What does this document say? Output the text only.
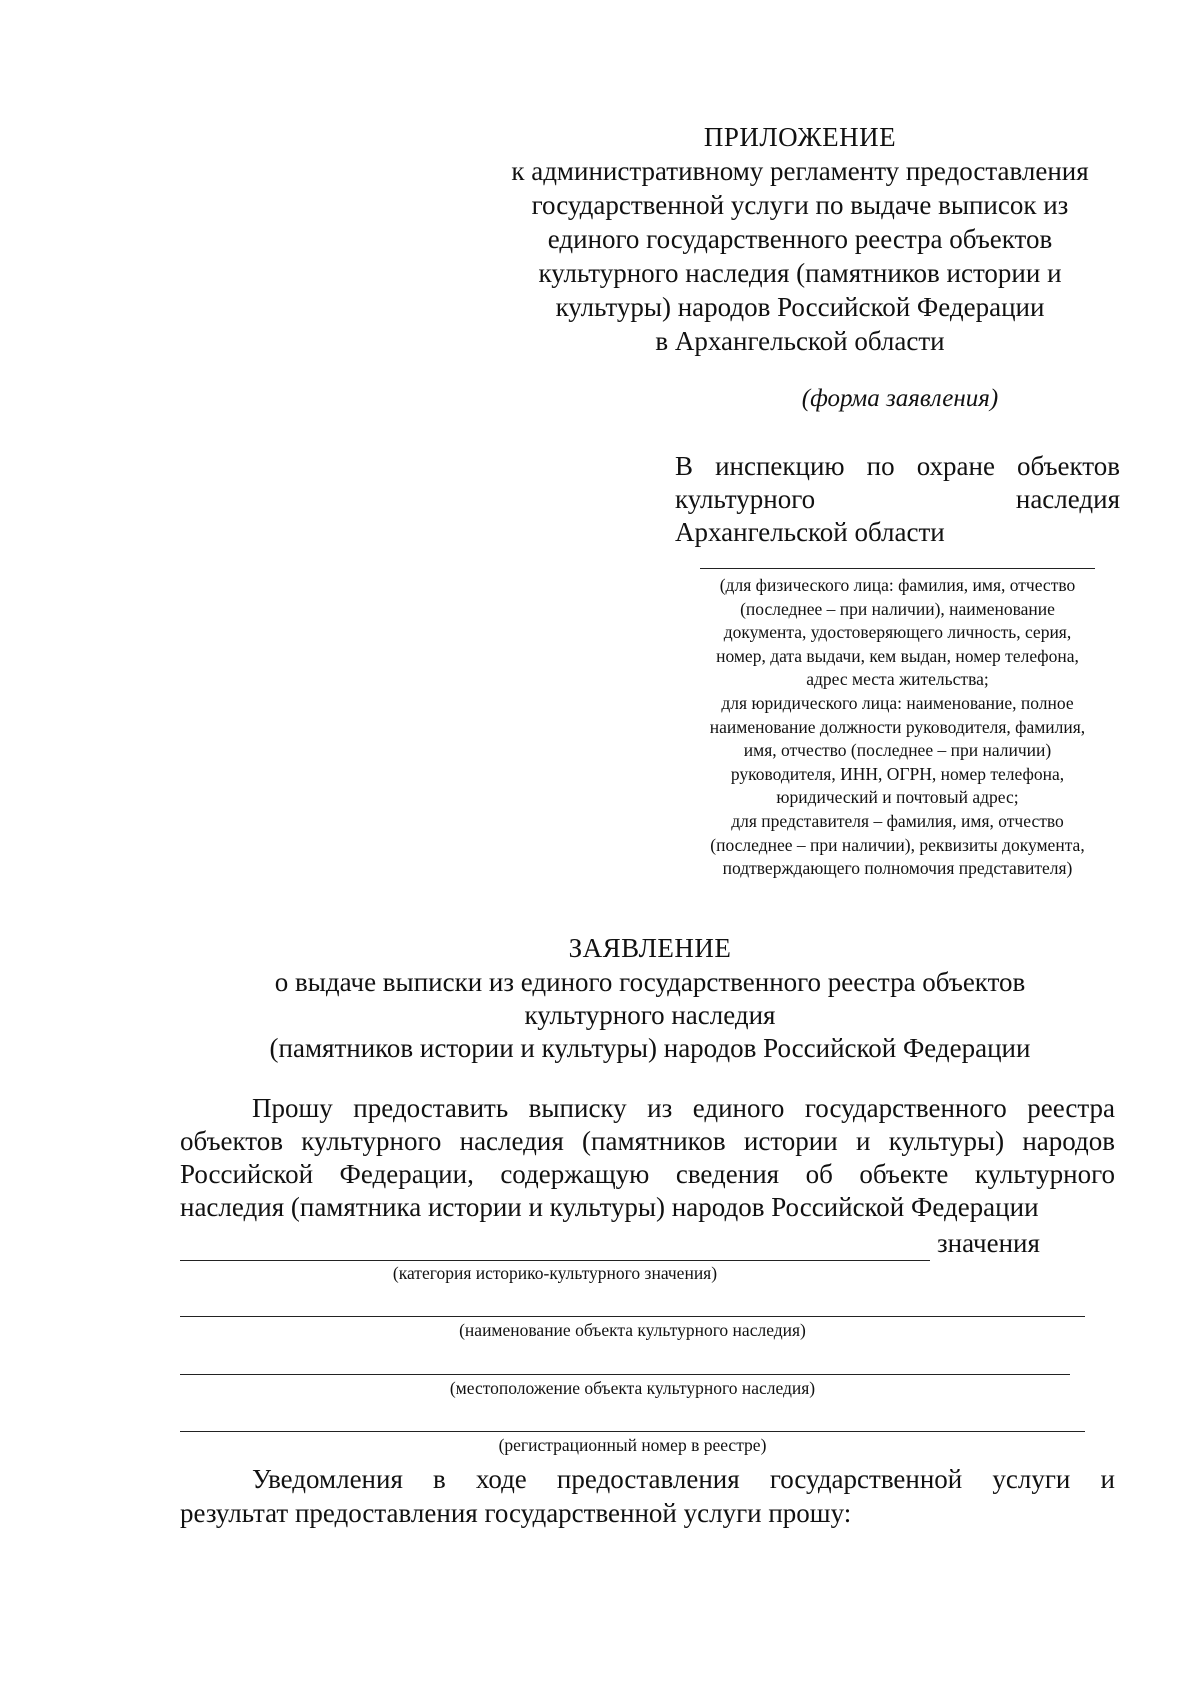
ПРИЛОЖЕНИЕ
к административному регламенту предоставления
государственной услуги по выдаче выписок из
единого государственного реестра объектов
культурного наследия (памятников истории и
культуры) народов Российской Федерации
в Архангельской области
(форма заявления)
В инспекцию по охране объектов
культурного	наследия
Архангельской области
(для физического лица: фамилия, имя, отчество
(последнее – при наличии), наименование
документа, удостоверяющего личность, серия,
номер, дата выдачи, кем выдан, номер телефона,
адрес места жительства;
для юридического лица: наименование, полное
наименование должности руководителя, фамилия,
имя, отчество (последнее – при наличии)
руководителя, ИНН, ОГРН, номер телефона,
юридический и почтовый адрес;
для представителя – фамилия, имя, отчество
(последнее – при наличии), реквизиты документа,
подтверждающего полномочия представителя)
ЗАЯВЛЕНИЕ
о выдаче выписки из единого государственного реестра объектов
культурного наследия
(памятников истории и культуры) народов Российской Федерации

Прошу предоставить выписку из единого государственного реестра

объектов культурного наследия (памятников истории и культуры) народов

Российской Федерации, содержащую сведения об объекте культурного

наследия (памятника истории и культуры) народов Российской Федерации

значения
(категория историко-культурного значения)
(наименование объекта культурного наследия)
(местоположение объекта культурного наследия)
(регистрационный номер в реестре)
Уведомления в ходе предоставления государственной услуги и
результат предоставления государственной услуги прошу:
